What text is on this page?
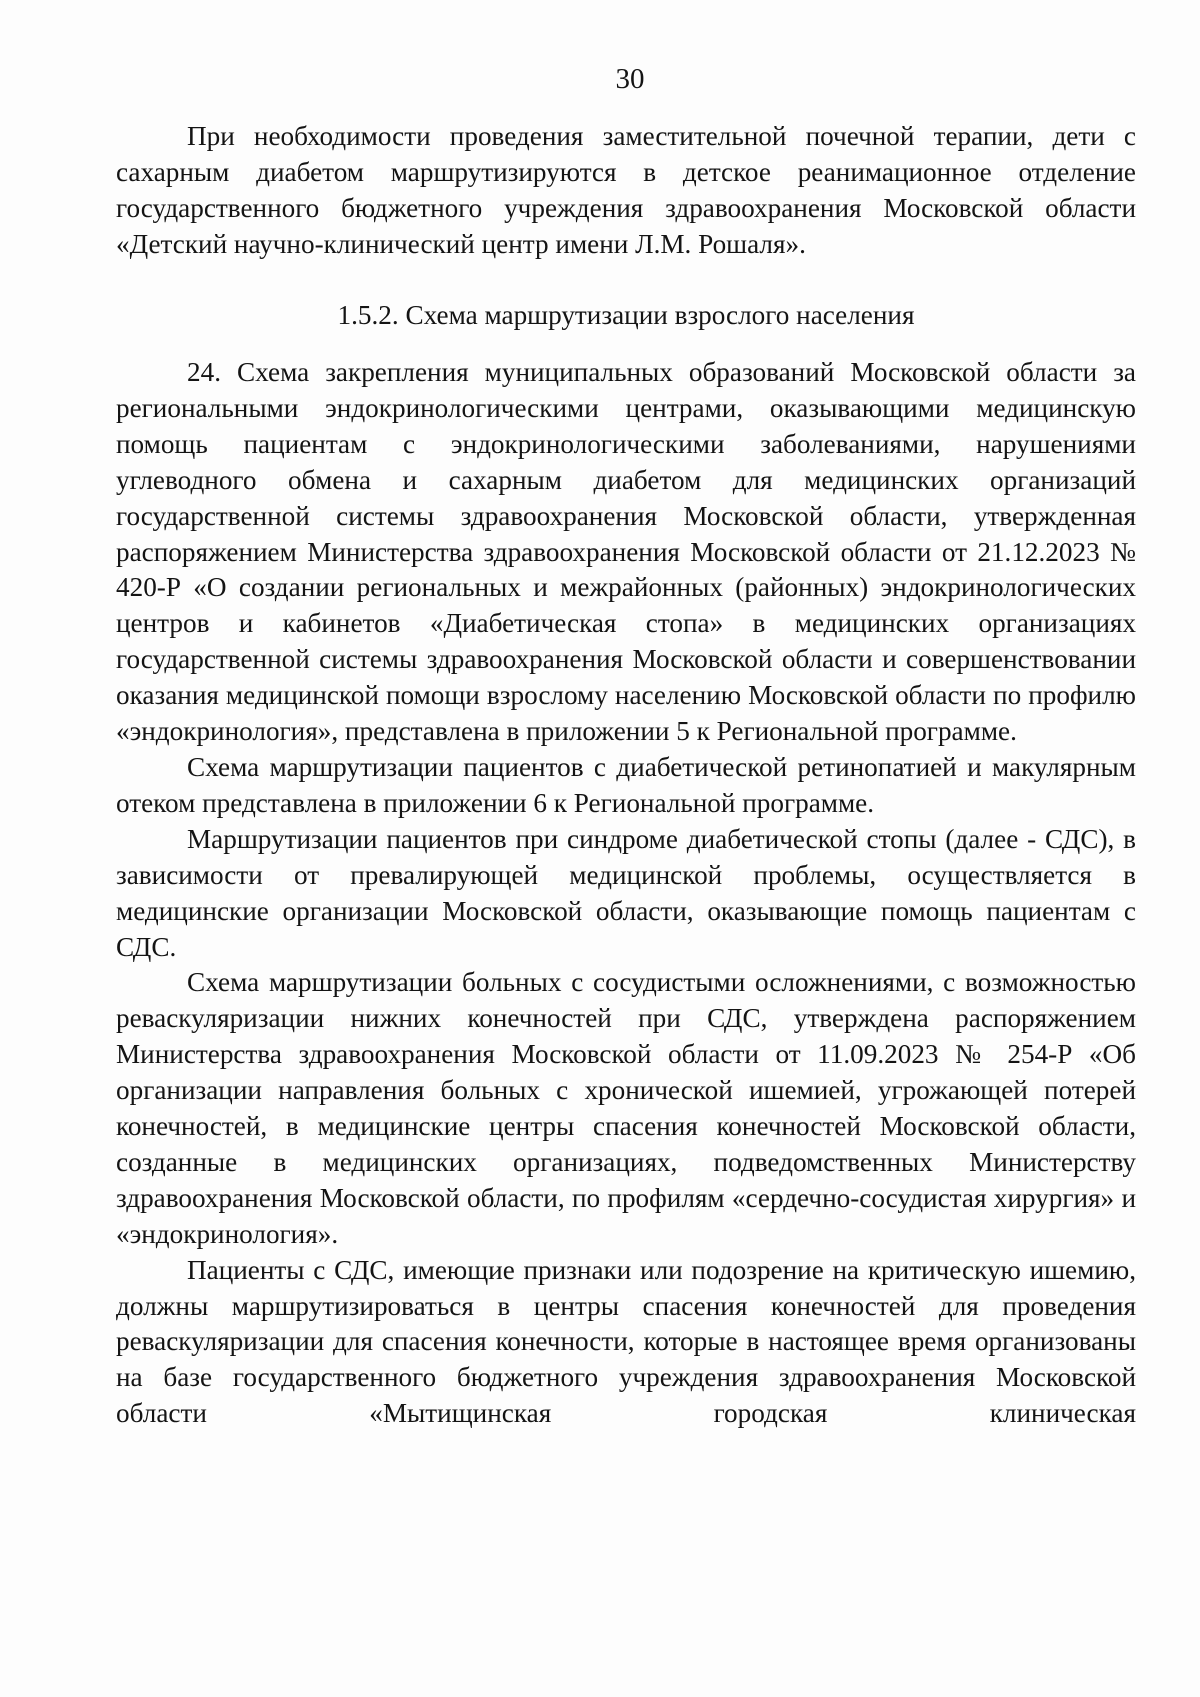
30

При необходимости проведения заместительной почечной терапии, дети с сахарным диабетом маршрутизируются в детское реанимационное отделение государственного бюджетного учреждения здравоохранения Московской области «Детский научно-клинический центр имени Л.М. Рошаля».

1.5.2. Схема маршрутизации взрослого населения

24. Схема закрепления муниципальных образований Московской области за региональными эндокринологическими центрами, оказывающими медицинскую помощь пациентам с эндокринологическими заболеваниями, нарушениями углеводного обмена и сахарным диабетом для медицинских организаций государственной системы здравоохранения Московской области, утвержденная распоряжением Министерства здравоохранения Московской области от 21.12.2023 № 420-Р «О создании региональных и межрайонных (районных) эндокринологических центров и кабинетов «Диабетическая стопа» в медицинских организациях государственной системы здравоохранения Московской области и совершенствовании оказания медицинской помощи взрослому населению Московской области по профилю «эндокринология», представлена в приложении 5 к Региональной программе.

Схема маршрутизации пациентов с диабетической ретинопатией и макулярным отеком представлена в приложении 6 к Региональной программе.

Маршрутизации пациентов при синдроме диабетической стопы (далее - СДС), в зависимости от превалирующей медицинской проблемы, осуществляется в медицинские организации Московской области, оказывающие помощь пациентам с СДС.

Схема маршрутизации больных с сосудистыми осложнениями, с возможностью реваскуляризации нижних конечностей при СДС, утверждена распоряжением Министерства здравоохранения Московской области от 11.09.2023 № 254-Р «Об организации направления больных с хронической ишемией, угрожающей потерей конечностей, в медицинские центры спасения конечностей Московской области, созданные в медицинских организациях, подведомственных Министерству здравоохранения Московской области, по профилям «сердечно-сосудистая хирургия» и «эндокринология».

Пациенты с СДС, имеющие признаки или подозрение на критическую ишемию, должны маршрутизироваться в центры спасения конечностей для проведения реваскуляризации для спасения конечности, которые в настоящее время организованы на базе государственного бюджетного учреждения здравоохранения Московской области «Мытищинская городская клиническая
